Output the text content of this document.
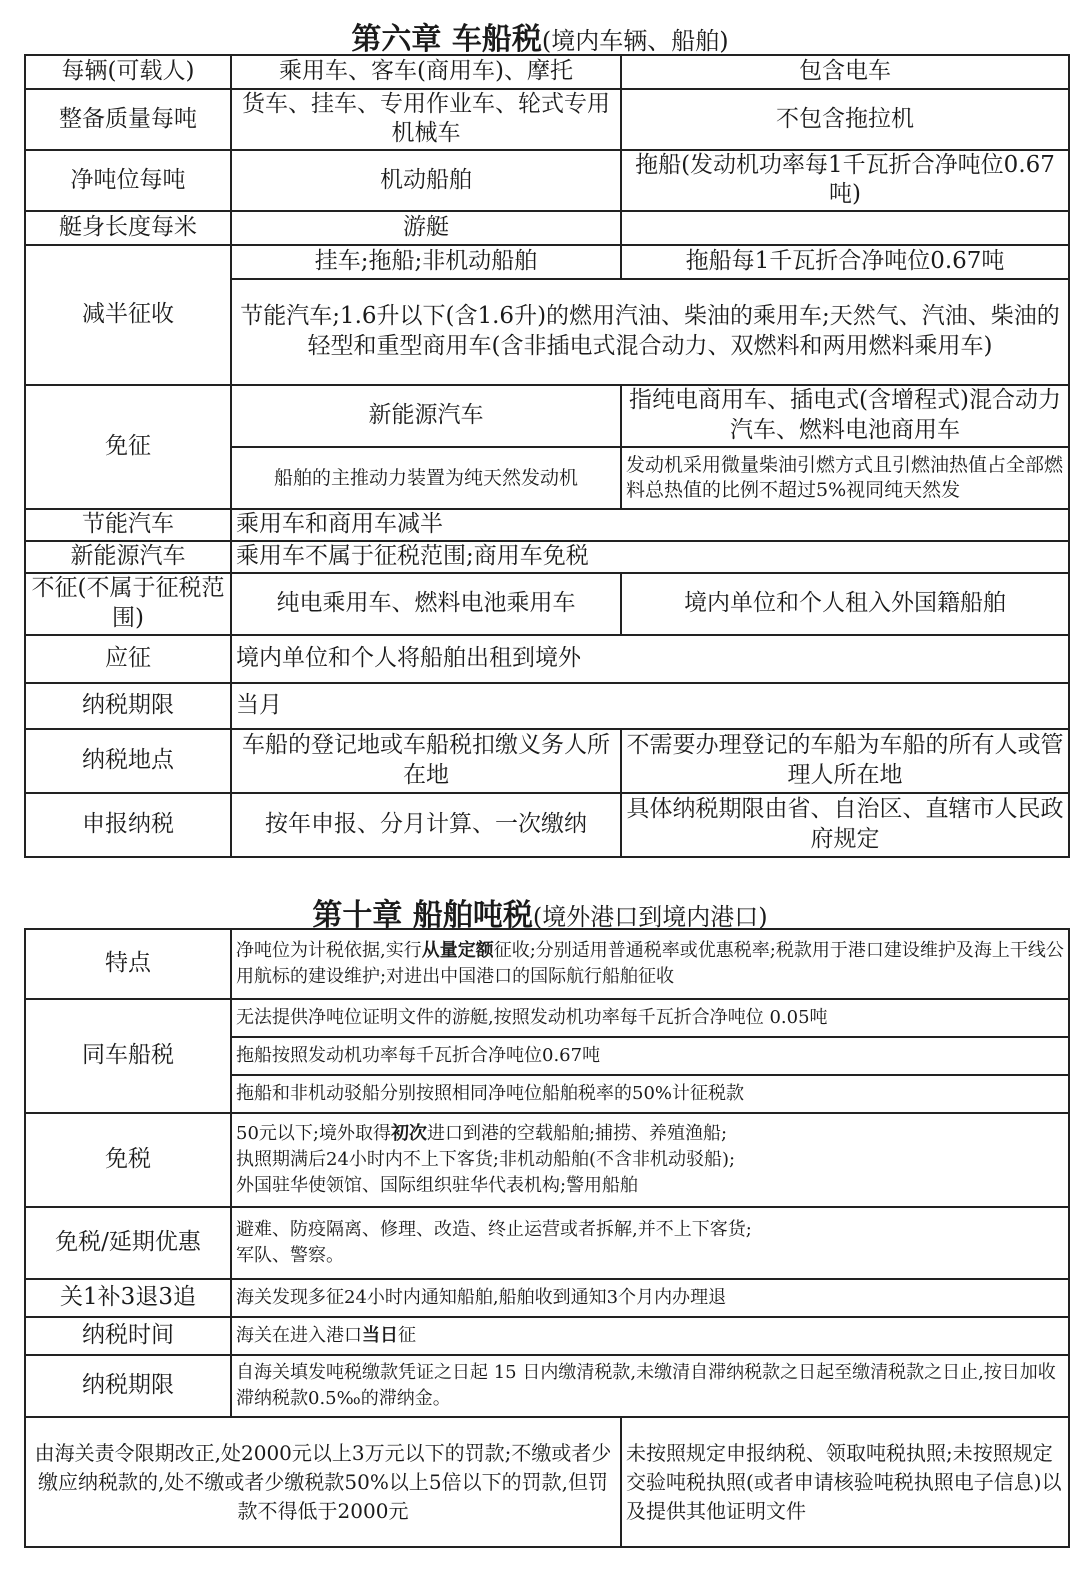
第六章 车船税(境内车辆、船舶)
每辆(可载人)	乘用车、客车(商用车)、摩托	包含电车
整备质量每吨	货车、挂车、专用作业车、轮式专用机械车	不包含拖拉机
净吨位每吨	机动船舶	拖船(发动机功率每1千瓦折合净吨位0.67吨)
艇身长度每米	游艇	
减半征收	挂车;拖船;非机动船舶	拖船每1千瓦折合净吨位0.67吨
	节能汽车;1.6升以下(含1.6升)的燃用汽油、柴油的乘用车;天然气、汽油、柴油的轻型和重型商用车(含非插电式混合动力、双燃料和两用燃料乘用车)	
免征	新能源汽车	指纯电商用车、插电式(含增程式)混合动力汽车、燃料电池商用车
	船舶的主推动力装置为纯天然发动机	发动机采用微量柴油引燃方式且引燃油热值占全部燃料总热值的比例不超过5%视同纯天然发
节能汽车	乘用车和商用车减半	
新能源汽车	乘用车不属于征税范围;商用车免税	
不征(不属于征税范围)	纯电乘用车、燃料电池乘用车	境内单位和个人租入外国籍船舶
应征	境内单位和个人将船舶出租到境外	
纳税期限	当月	
纳税地点	车船的登记地或车船税扣缴义务人所在地	不需要办理登记的车船为车船的所有人或管理人所在地
申报纳税	按年申报、分月计算、一次缴纳	具体纳税期限由省、自治区、直辖市人民政府规定
第十章 船舶吨税(境外港口到境内港口)
特点	净吨位为计税依据,实行从量定额征收;分别适用普通税率或优惠税率;税款用于港口建设维护及海上干线公用航标的建设维护;对进出中国港口的国际航行船舶征收	
同车船税	无法提供净吨位证明文件的游艇,按照发动机功率每千瓦折合净吨位 0.05吨	
	拖船按照发动机功率每千瓦折合净吨位0.67吨	
	拖船和非机动驳船分别按照相同净吨位船舶税率的50%计征税款	
免税	50元以下;境外取得初次进口到港的空载船舶;捕捞、养殖渔船;
执照期满后24小时内不上下客货;非机动船舶(不含非机动驳船);
外国驻华使领馆、国际组织驻华代表机构;警用船舶	
免税/延期优惠	避难、防疫隔离、修理、改造、终止运营或者拆解,并不上下客货;
军队、警察。	
关1补3退3追	海关发现多征24小时内通知船舶,船舶收到通知3个月内办理退	
纳税时间	海关在进入港口当日征	
纳税期限	自海关填发吨税缴款凭证之日起 15 日内缴清税款,未缴清自滞纳税款之日起至缴清税款之日止,按日加收滞纳税款0.5‰的滞纳金。	
由海关责令限期改正,处2000元以上3万元以下的罚款;不缴或者少缴应纳税款的,处不缴或者少缴税款50%以上5倍以下的罚款,但罚款不得低于2000元		未按照规定申报纳税、领取吨税执照;未按照规定交验吨税执照(或者申请核验吨税执照电子信息)以及提供其他证明文件
